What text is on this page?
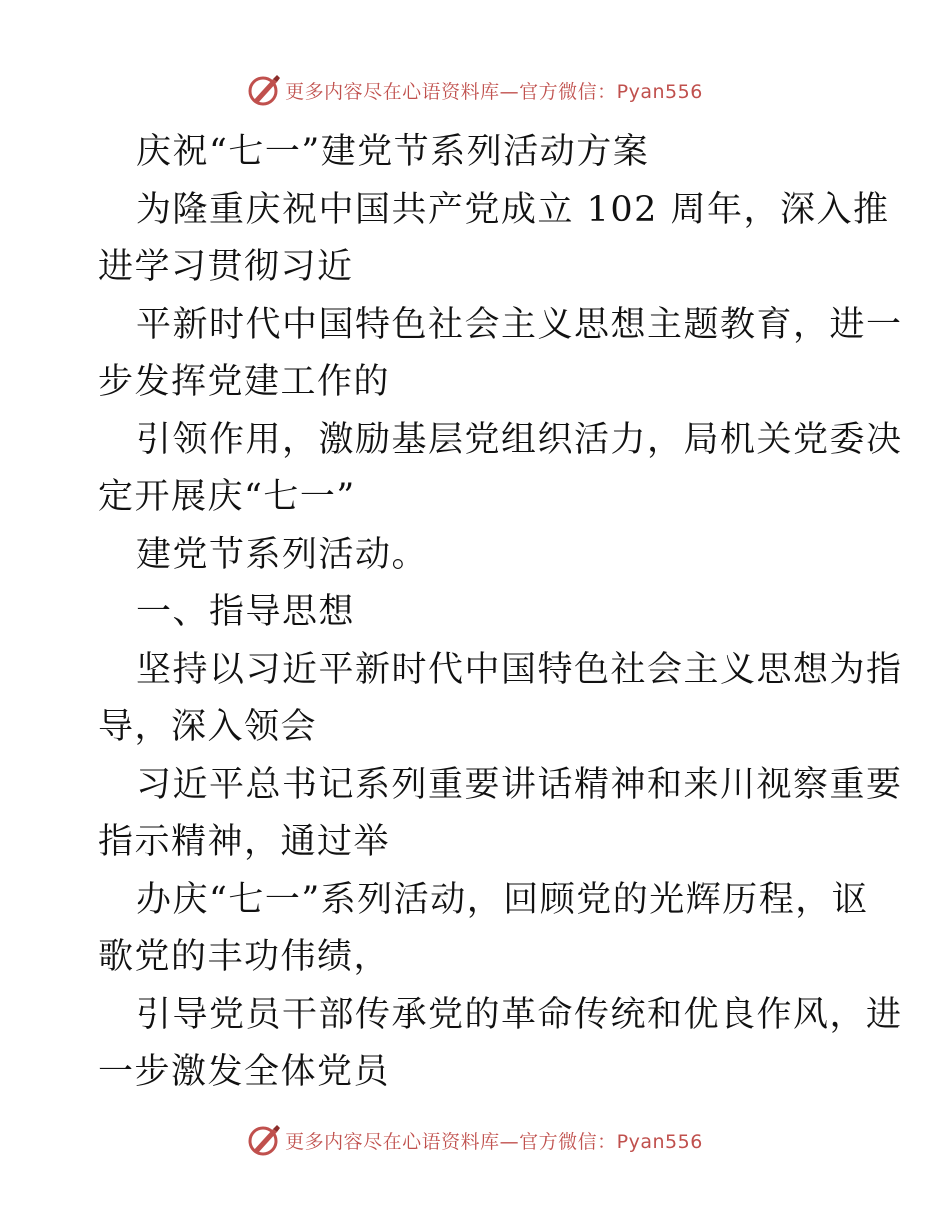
更多内容尽在心语资料库—官方微信：Pyan556
庆祝“七一”建党节系列活动方案
为隆重庆祝中国共产党成立 102 周年，深入推
进学习贯彻习近
平新时代中国特色社会主义思想主题教育，进一
步发挥党建工作的
引领作用，激励基层党组织活力，局机关党委决
定开展庆“七一”
建党节系列活动。
一、指导思想
坚持以习近平新时代中国特色社会主义思想为指
导，深入领会
习近平总书记系列重要讲话精神和来川视察重要
指示精神，通过举
办庆“七一”系列活动，回顾党的光辉历程，讴
歌党的丰功伟绩，
引导党员干部传承党的革命传统和优良作风，进
一步激发全体党员
更多内容尽在心语资料库—官方微信：Pyan556
